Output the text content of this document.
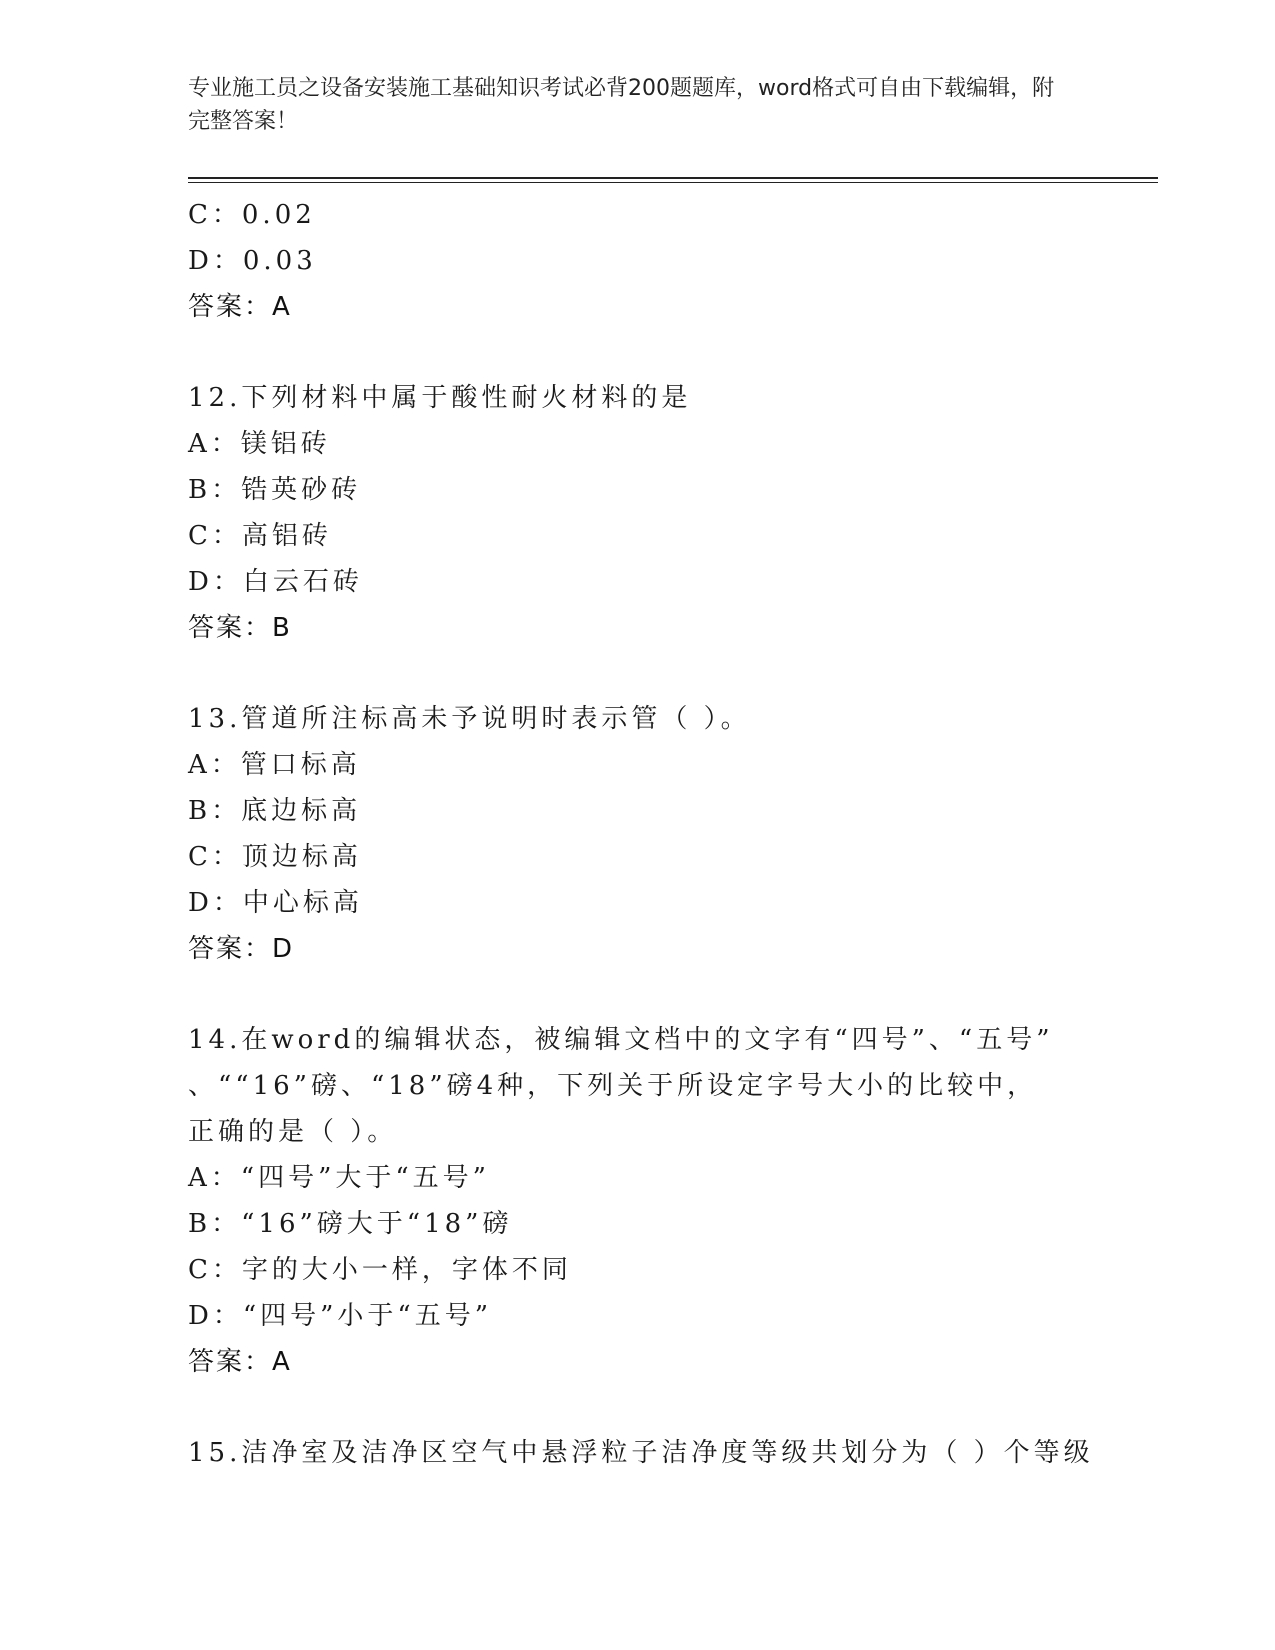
专业施工员之设备安装施工基础知识考试必背200题题库，word格式可自由下载编辑，附完整答案！
C：0.02
D：0.03
答案：A
12.下列材料中属于酸性耐火材料的是
A：镁铝砖
B：锆英砂砖
C：高铝砖
D：白云石砖
答案：B
13.管道所注标高未予说明时表示管（ ）。
A：管口标高
B：底边标高
C：顶边标高
D：中心标高
答案：D
14.在word的编辑状态，被编辑文档中的文字有“四号”、“五号”
、““16”磅、“18”磅4种，下列关于所设定字号大小的比较中，
正确的是（ ）。
A：“四号”大于“五号”
B：“16”磅大于“18”磅
C：字的大小一样，字体不同
D：“四号”小于“五号”
答案：A
15.洁净室及洁净区空气中悬浮粒子洁净度等级共划分为（ ）个等级
